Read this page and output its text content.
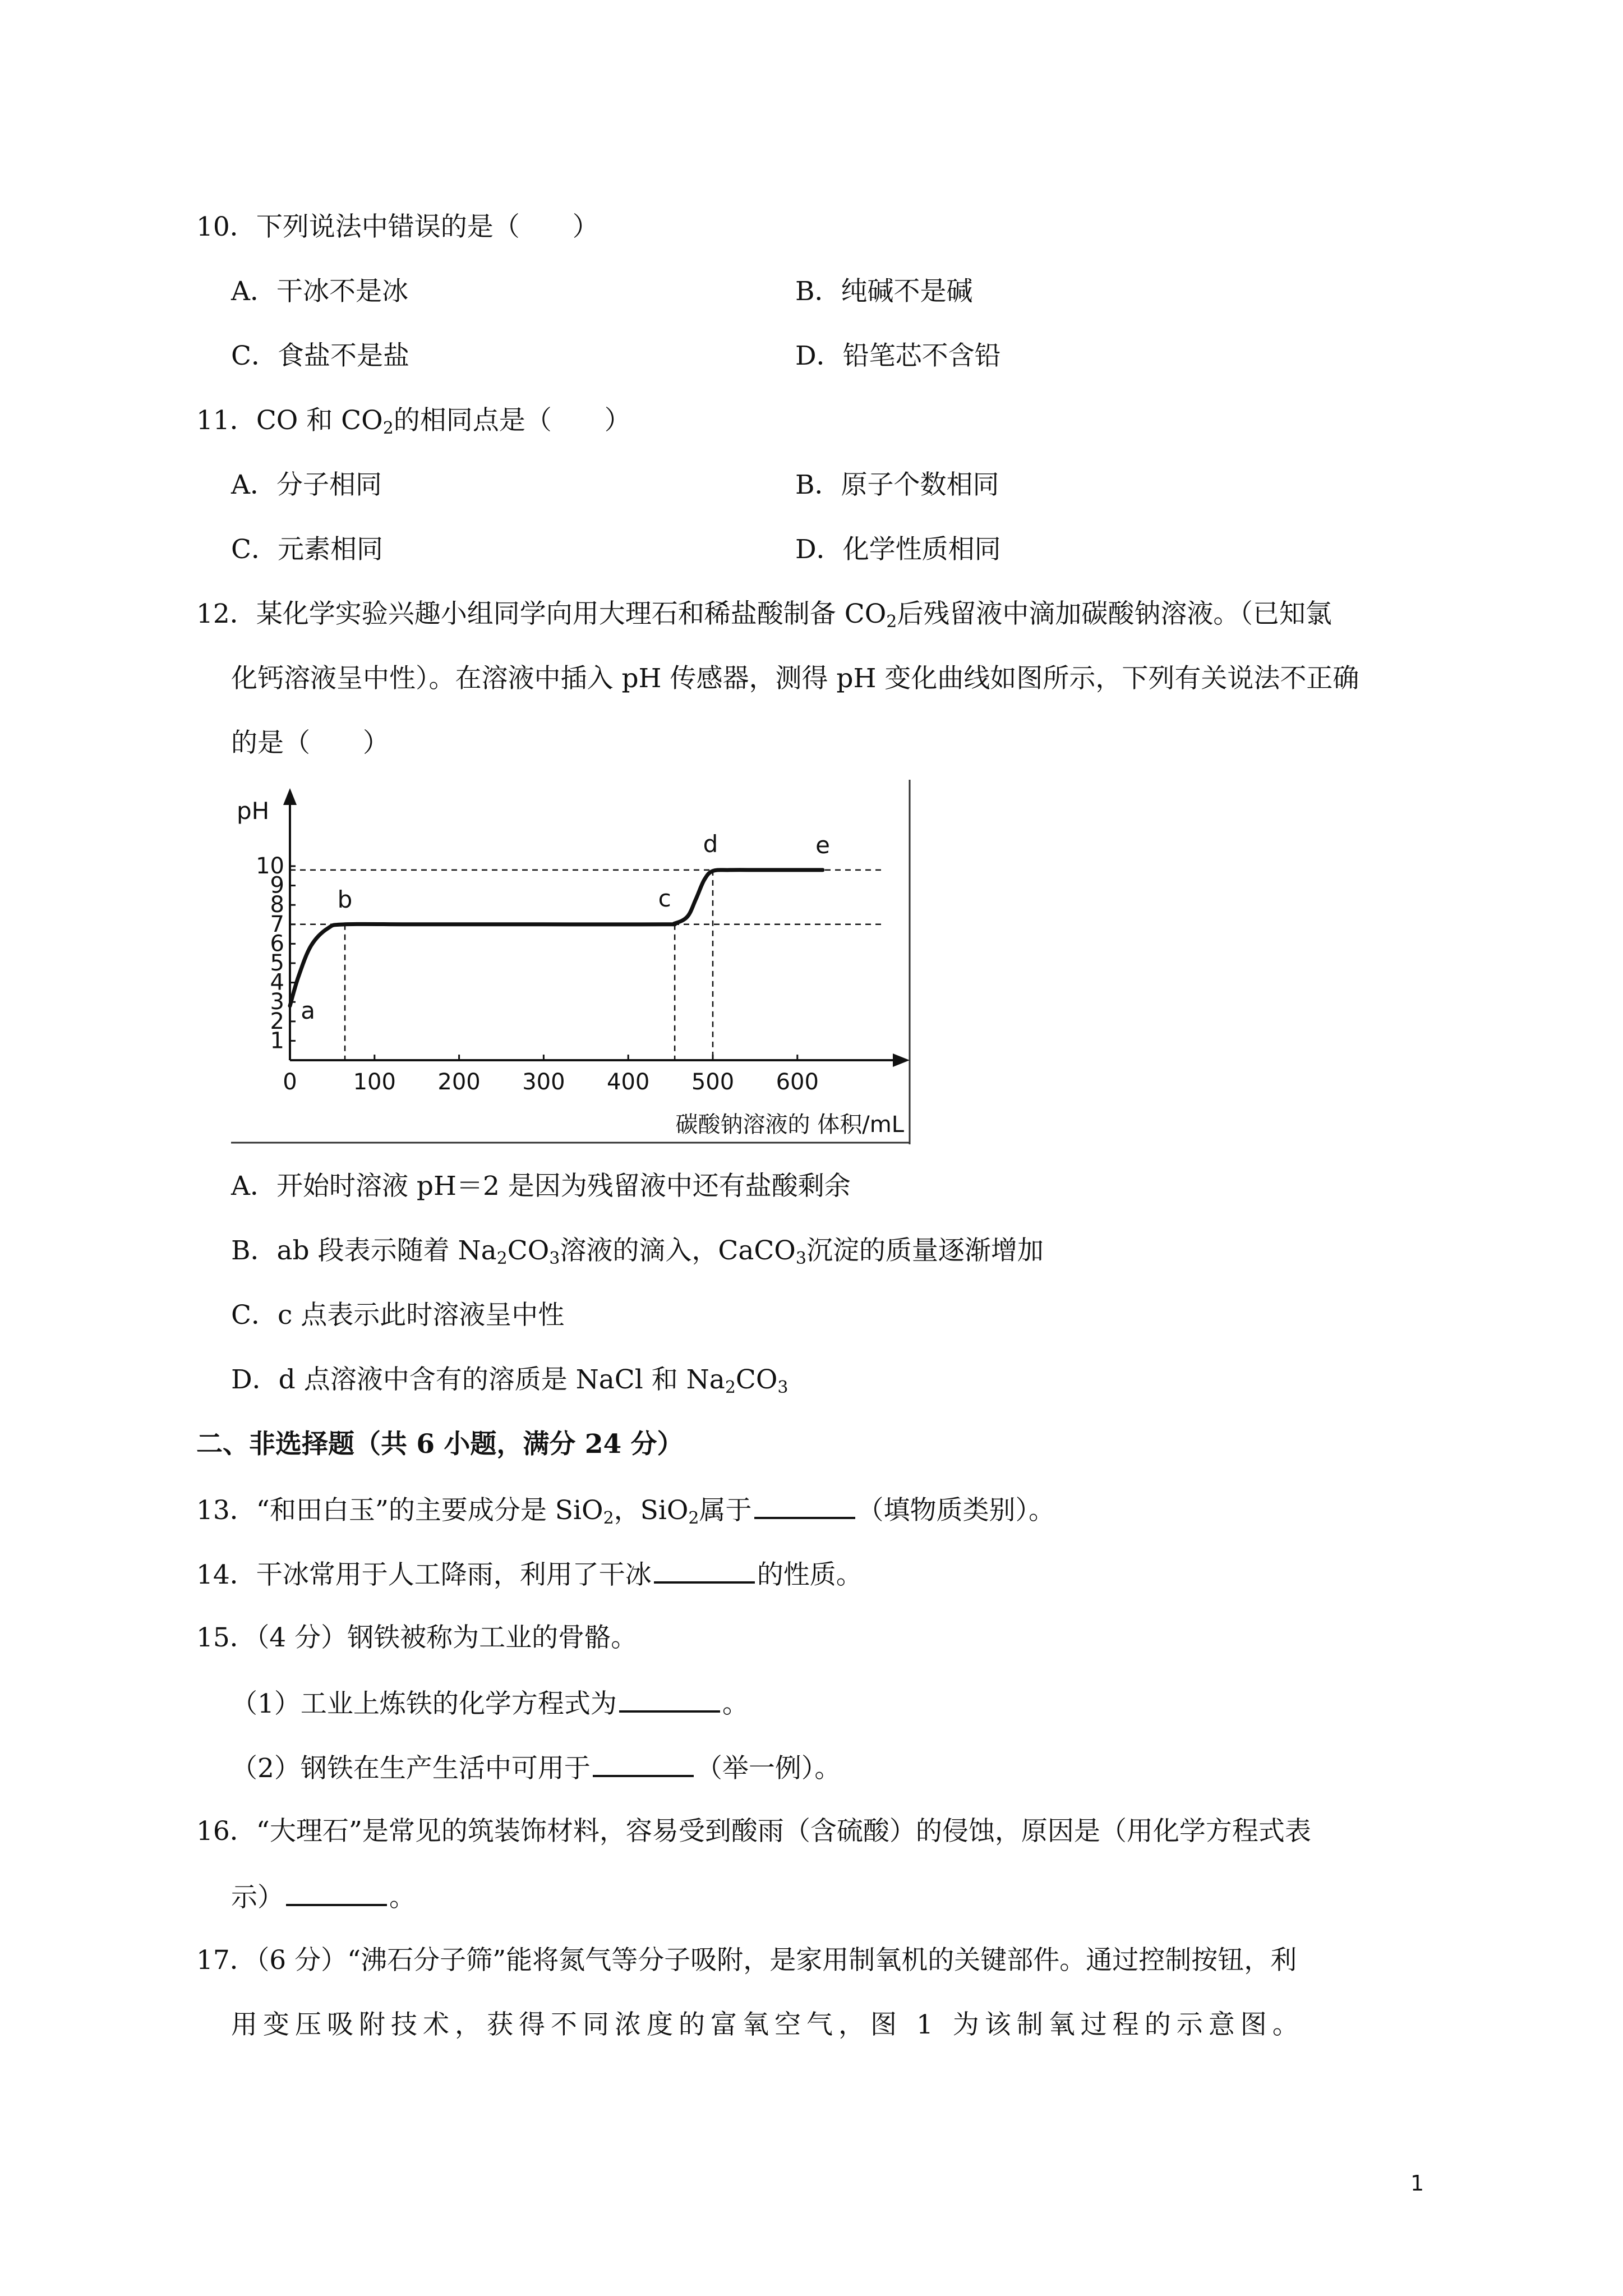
10．下列说法中错误的是（　　）
A．干冰不是冰	B．纯碱不是碱
C．食盐不是盐	D．铅笔芯不含铅
11．CO 和 $CO_2$的相同点是（　　）
A．分子相同	B．原子个数相同
C．元素相同	D．化学性质相同
12．某化学实验兴趣小组同学向用大理石和稀盐酸制备 $CO_2$后残留液中滴加碳酸钠溶液。（已知氯
化钙溶液呈中性）。在溶液中插入 pH 传感器，测得 pH 变化曲线如图所示，下列有关说法不正确
的是（　　）
1
2
3
4
5
6
7
8
9
10
0 100 200 300 400 500 600
pH
碳酸钠溶液的 体积/mL
a
b	c
d	e
A．开始时溶液 pH＝2 是因为残留液中还有盐酸剩余
B．ab 段表示随着 $Na_2CO_3$溶液的滴入，CaCO$_3$沉淀的质量逐渐增加
C．c 点表示此时溶液呈中性
D．d 点溶液中含有的溶质是 NaCl 和 $Na_2CO_3$
二、非选择题（共 6 小题，满分 24 分）
13．“和田白玉”的主要成分是 SiO$_2$，SiO$_2$属于	（填物质类别）。
14．干冰常用于人工降雨，利用了干冰	的性质。
15．（4 分）钢铁被称为工业的骨骼。
（1）工业上炼铁的化学方程式为	。
（2）钢铁在生产生活中可用于	（举一例）。
16．“大理石”是常见的筑装饰材料，容易受到酸雨（含硫酸）的侵蚀，原因是（用化学方程式表
示）	。
17．（6 分）“沸石分子筛”能将氮气等分子吸附，是家用制氧机的关键部件。通过控制按钮，利
用变压吸附技术，获得不同浓度的富氧空气，图 1 为该制氧过程的示意图。
1
